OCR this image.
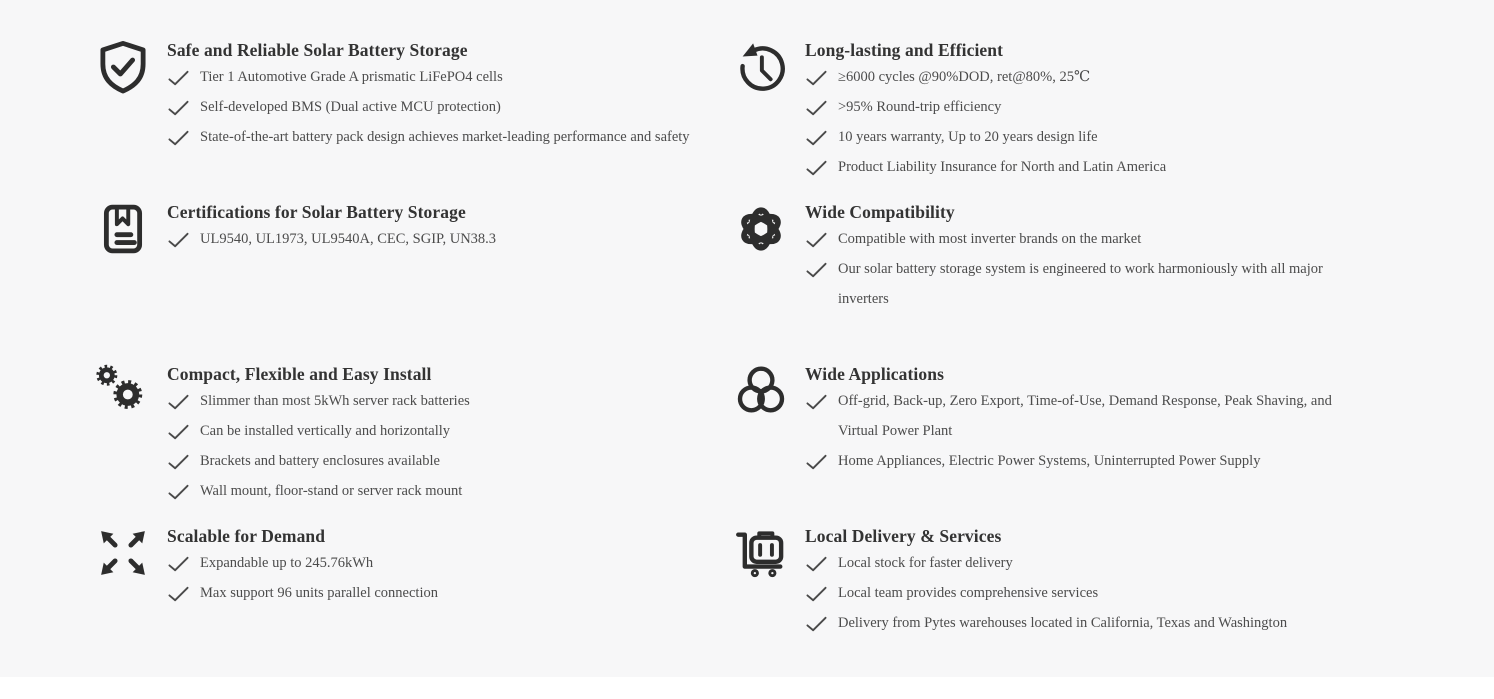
Safe and Reliable Solar Battery Storage
Tier 1 Automotive Grade A prismatic LiFePO4 cells
Self-developed BMS (Dual active MCU protection)
State-of-the-art battery pack design achieves market-leading performance and safety
Long-lasting and Efficient
≥6000 cycles @90%DOD, ret@80%, 25℃
>95% Round-trip efficiency
10 years warranty, Up to 20 years design life
Product Liability Insurance for North and Latin America
Certifications for Solar Battery Storage
UL9540, UL1973, UL9540A, CEC, SGIP, UN38.3
Wide Compatibility
Compatible with most inverter brands on the market
Our solar battery storage system is engineered to work harmoniously with all major inverters
Compact, Flexible and Easy Install
Slimmer than most 5kWh server rack batteries
Can be installed vertically and horizontally
Brackets and battery enclosures available
Wall mount, floor-stand or server rack mount
Wide Applications
Off-grid, Back-up, Zero Export, Time-of-Use, Demand Response, Peak Shaving, and Virtual Power Plant
Home Appliances, Electric Power Systems, Uninterrupted Power Supply
Scalable for Demand
Expandable up to 245.76kWh
Max support 96 units parallel connection
Local Delivery & Services
Local stock for faster delivery
Local team provides comprehensive services
Delivery from Pytes warehouses located in California, Texas and Washington
